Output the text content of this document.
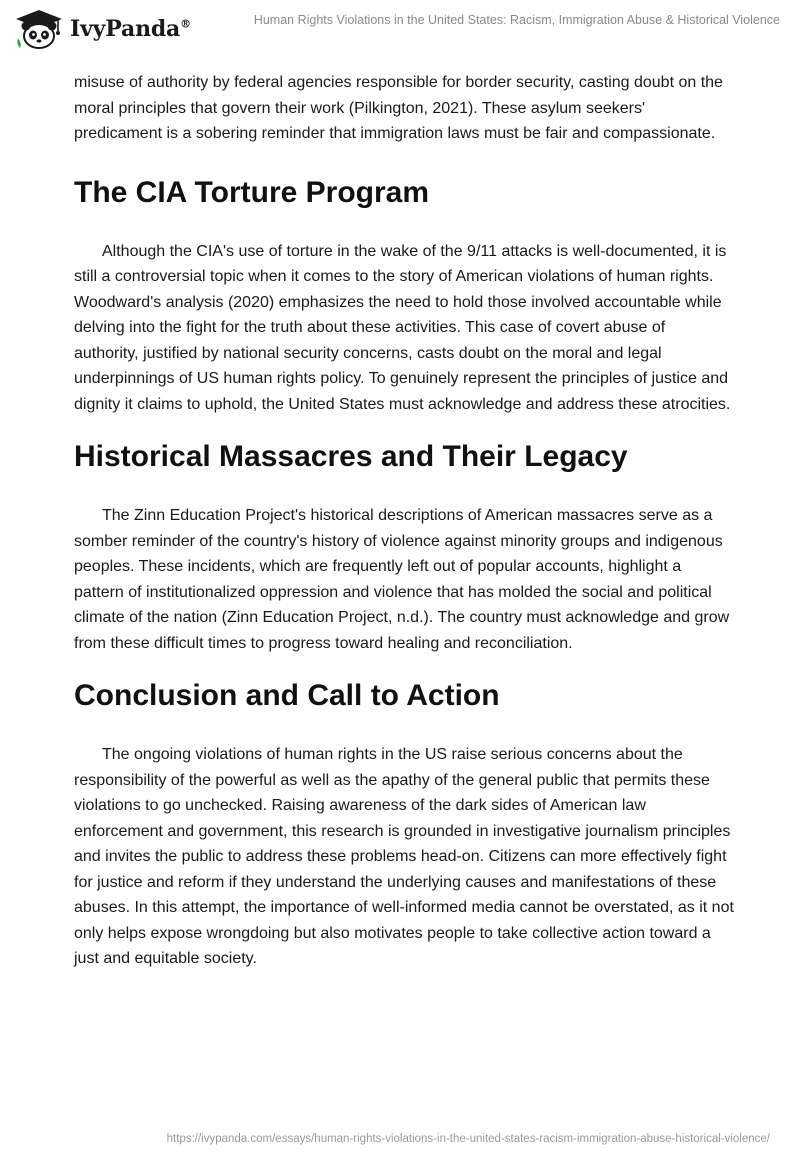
IvyPanda®	Human Rights Violations in the United States: Racism, Immigration Abuse & Historical Violence

misuse of authority by federal agencies responsible for border security, casting doubt on the moral principles that govern their work (Pilkington, 2021). These asylum seekers' predicament is a sobering reminder that immigration laws must be fair and compassionate.

The CIA Torture Program

Although the CIA's use of torture in the wake of the 9/11 attacks is well-documented, it is still a controversial topic when it comes to the story of American violations of human rights. Woodward's analysis (2020) emphasizes the need to hold those involved accountable while delving into the fight for the truth about these activities. This case of covert abuse of authority, justified by national security concerns, casts doubt on the moral and legal underpinnings of US human rights policy. To genuinely represent the principles of justice and dignity it claims to uphold, the United States must acknowledge and address these atrocities.

Historical Massacres and Their Legacy

The Zinn Education Project's historical descriptions of American massacres serve as a somber reminder of the country's history of violence against minority groups and indigenous peoples. These incidents, which are frequently left out of popular accounts, highlight a pattern of institutionalized oppression and violence that has molded the social and political climate of the nation (Zinn Education Project, n.d.). The country must acknowledge and grow from these difficult times to progress toward healing and reconciliation.

Conclusion and Call to Action

The ongoing violations of human rights in the US raise serious concerns about the responsibility of the powerful as well as the apathy of the general public that permits these violations to go unchecked. Raising awareness of the dark sides of American law enforcement and government, this research is grounded in investigative journalism principles and invites the public to address these problems head-on. Citizens can more effectively fight for justice and reform if they understand the underlying causes and manifestations of these abuses. In this attempt, the importance of well-informed media cannot be overstated, as it not only helps expose wrongdoing but also motivates people to take collective action toward a just and equitable society.

https://ivypanda.com/essays/human-rights-violations-in-the-united-states-racism-immigration-abuse-historical-violence/
